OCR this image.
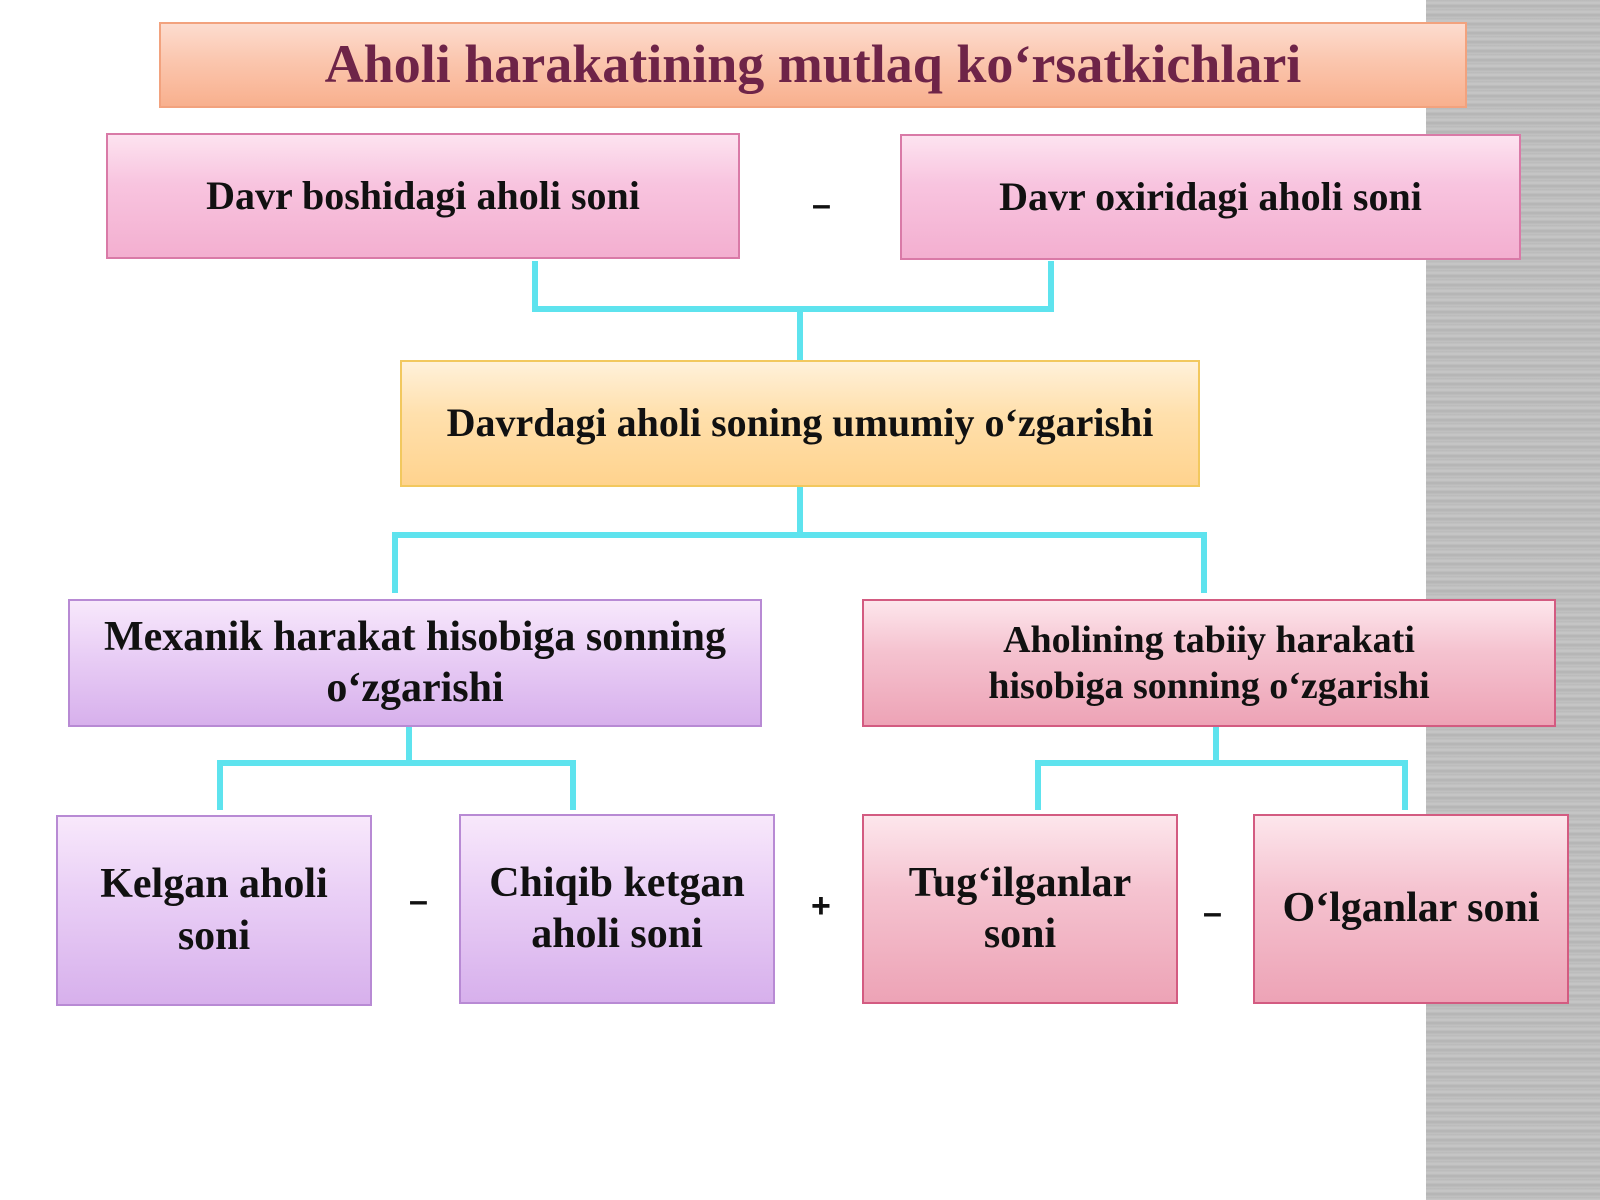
Aholi harakatining mutlaq ko‘rsatkichlari
Davr boshidagi aholi soni	–	Davr oxiridagi aholi soni
Davrdagi aholi soning umumiy o‘zgarishi
Mexanik harakat hisobiga sonning o‘zgarishi
Aholining tabiiy harakati hisobiga sonning o‘zgarishi
Kelgan aholi soni
–	Chiqib ketgan aholi soni
+
Tug‘ilganlar soni	–	O‘lganlar soni
